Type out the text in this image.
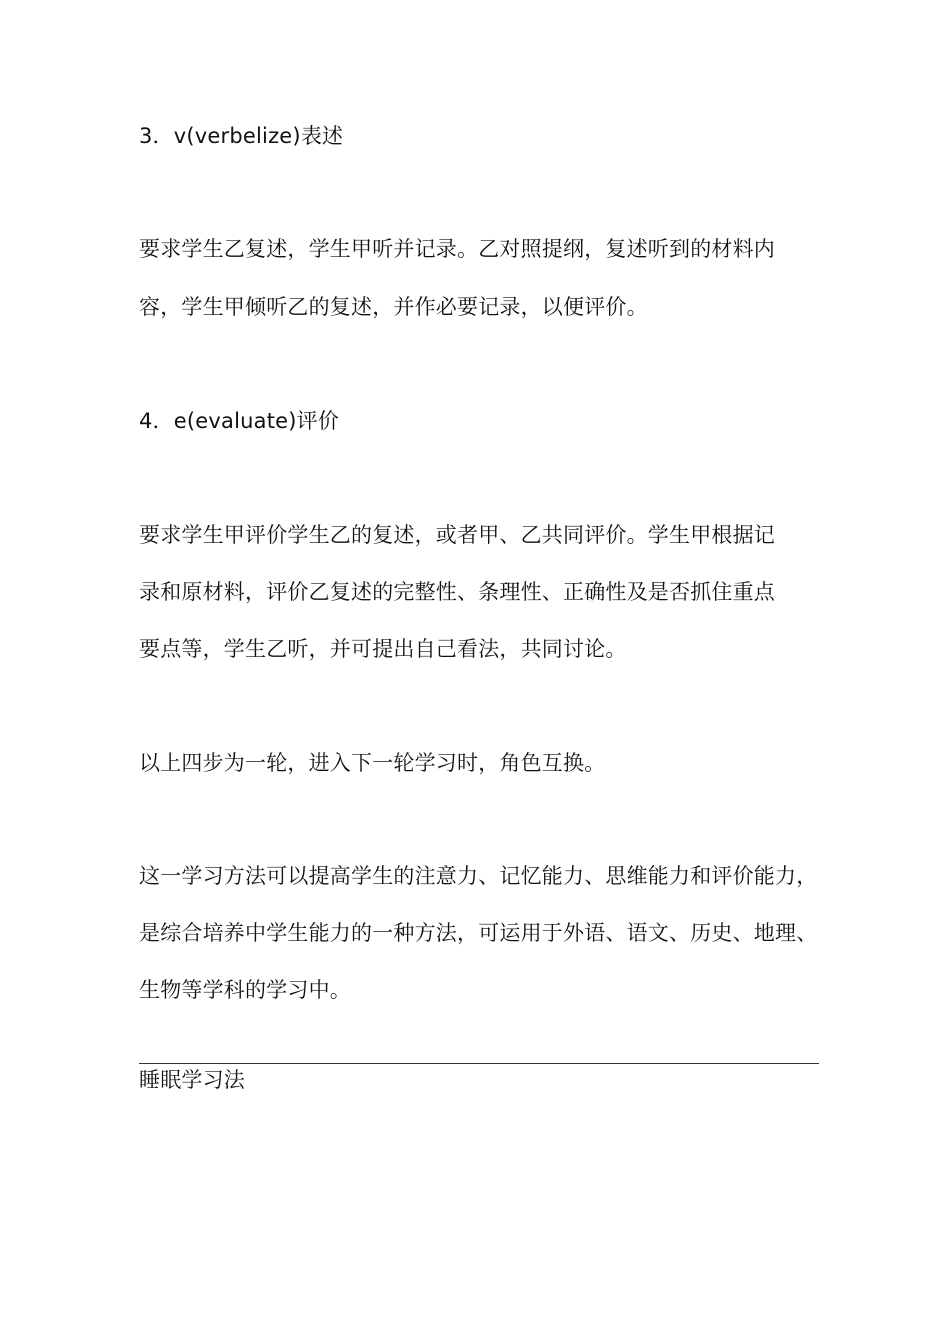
3．v(verbelize)表述
要求学生乙复述，学生甲听并记录。乙对照提纲，复述听到的材料内
容，学生甲倾听乙的复述，并作必要记录，以便评价。
4．e(evaluate)评价
要求学生甲评价学生乙的复述，或者甲、乙共同评价。学生甲根据记
录和原材料，评价乙复述的完整性、条理性、正确性及是否抓住重点
要点等，学生乙听，并可提出自己看法，共同讨论。
以上四步为一轮，进入下一轮学习时，角色互换。
这一学习方法可以提高学生的注意力、记忆能力、思维能力和评价能力，
是综合培养中学生能力的一种方法，可运用于外语、语文、历史、地理、
生物等学科的学习中。
睡眠学习法
